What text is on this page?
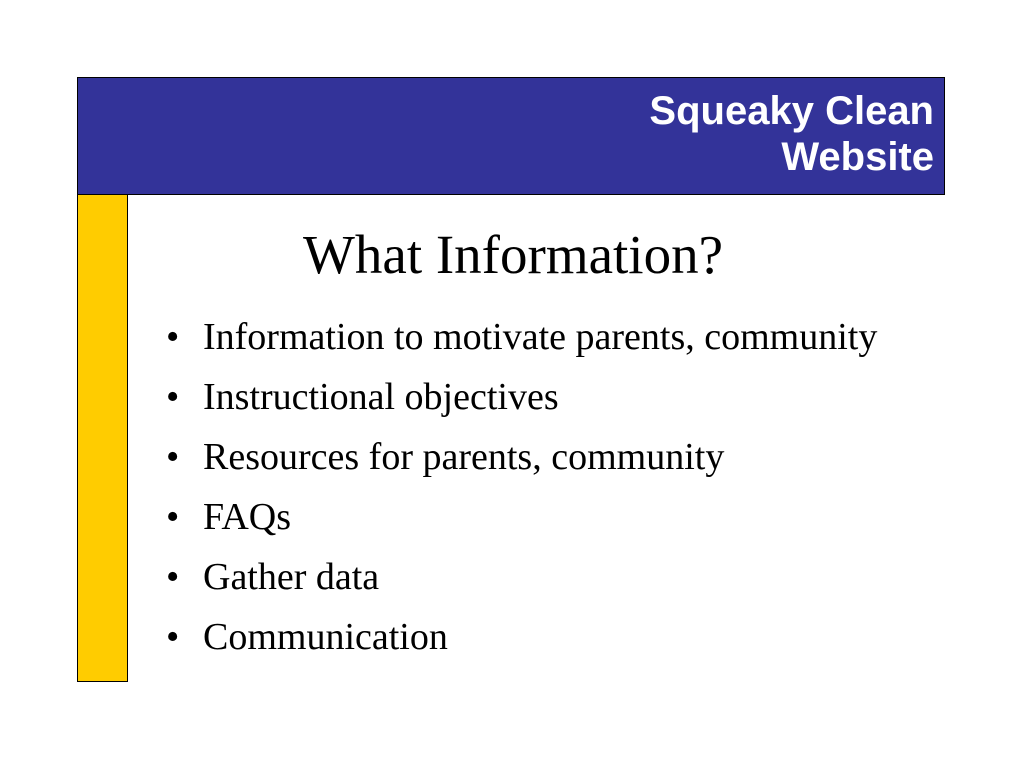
Squeaky Clean
Website
What Information?
• Information to motivate parents, community
• Instructional objectives
• Resources for parents, community
• FAQs
• Gather data
• Communication
